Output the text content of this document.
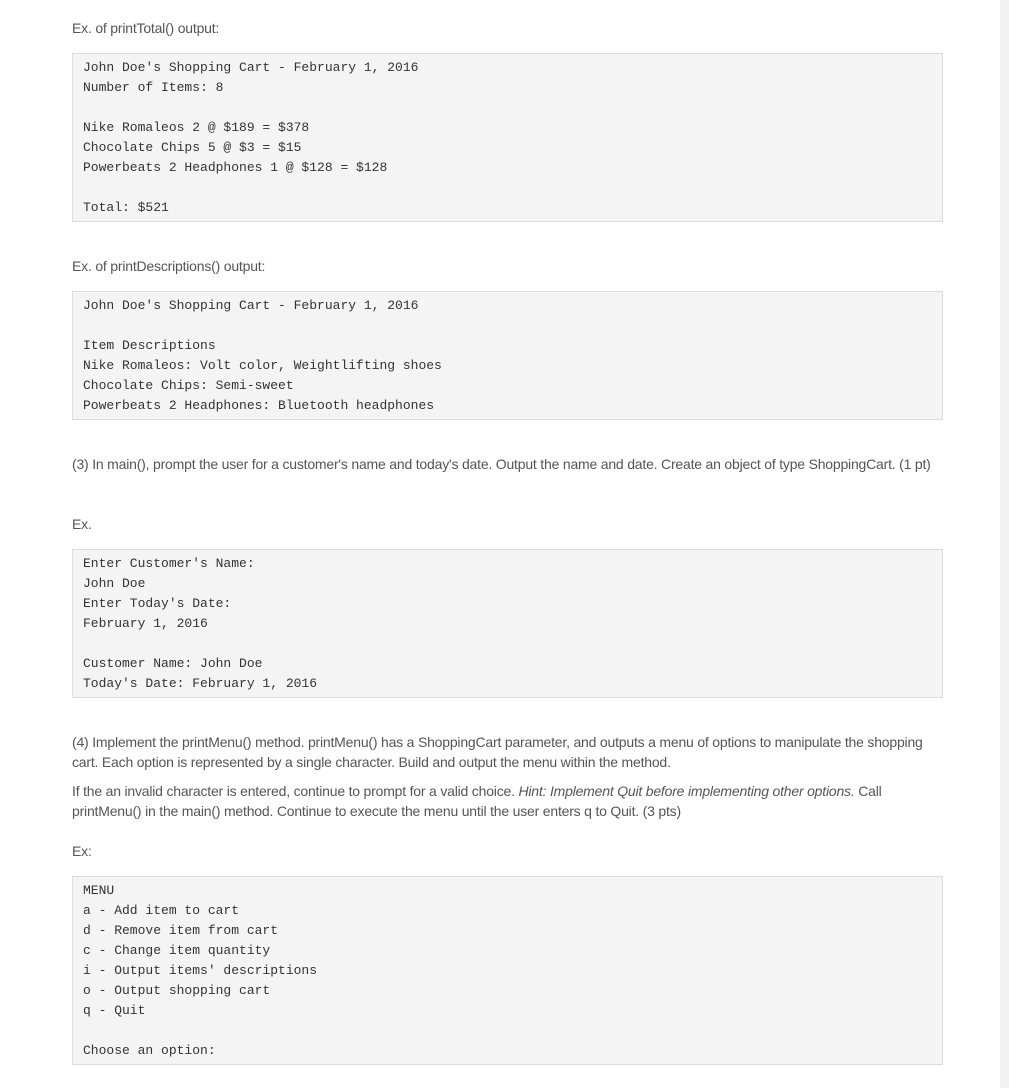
Ex. of printTotal() output:
John Doe's Shopping Cart - February 1, 2016
Number of Items: 8
Nike Romaleos 2 @ $189 = $378
Chocolate Chips 5 @ $3 = $15
Powerbeats 2 Headphones 1 @ $128 = $128
Total: $521
Ex. of printDescriptions() output:
John Doe's Shopping Cart - February 1, 2016
Item Descriptions
Nike Romaleos: Volt color, Weightlifting shoes
Chocolate Chips: Semi-sweet
Powerbeats 2 Headphones: Bluetooth headphones
(3) In main(), prompt the user for a customer's name and today's date. Output the name and date. Create an object of type ShoppingCart. (1 pt)
Ex.
Enter Customer's Name:
John Doe
Enter Today's Date:
February 1, 2016
Customer Name: John Doe
Today's Date: February 1, 2016
(4) Implement the printMenu() method. printMenu() has a ShoppingCart parameter, and outputs a menu of options to manipulate the shopping cart. Each option is represented by a single character. Build and output the menu within the method.
If the an invalid character is entered, continue to prompt for a valid choice. Hint: Implement Quit before implementing other options. Call printMenu() in the main() method. Continue to execute the menu until the user enters q to Quit. (3 pts)
Ex:
MENU
a - Add item to cart
d - Remove item from cart
c - Change item quantity
i - Output items' descriptions
o - Output shopping cart
q - Quit
Choose an option:
